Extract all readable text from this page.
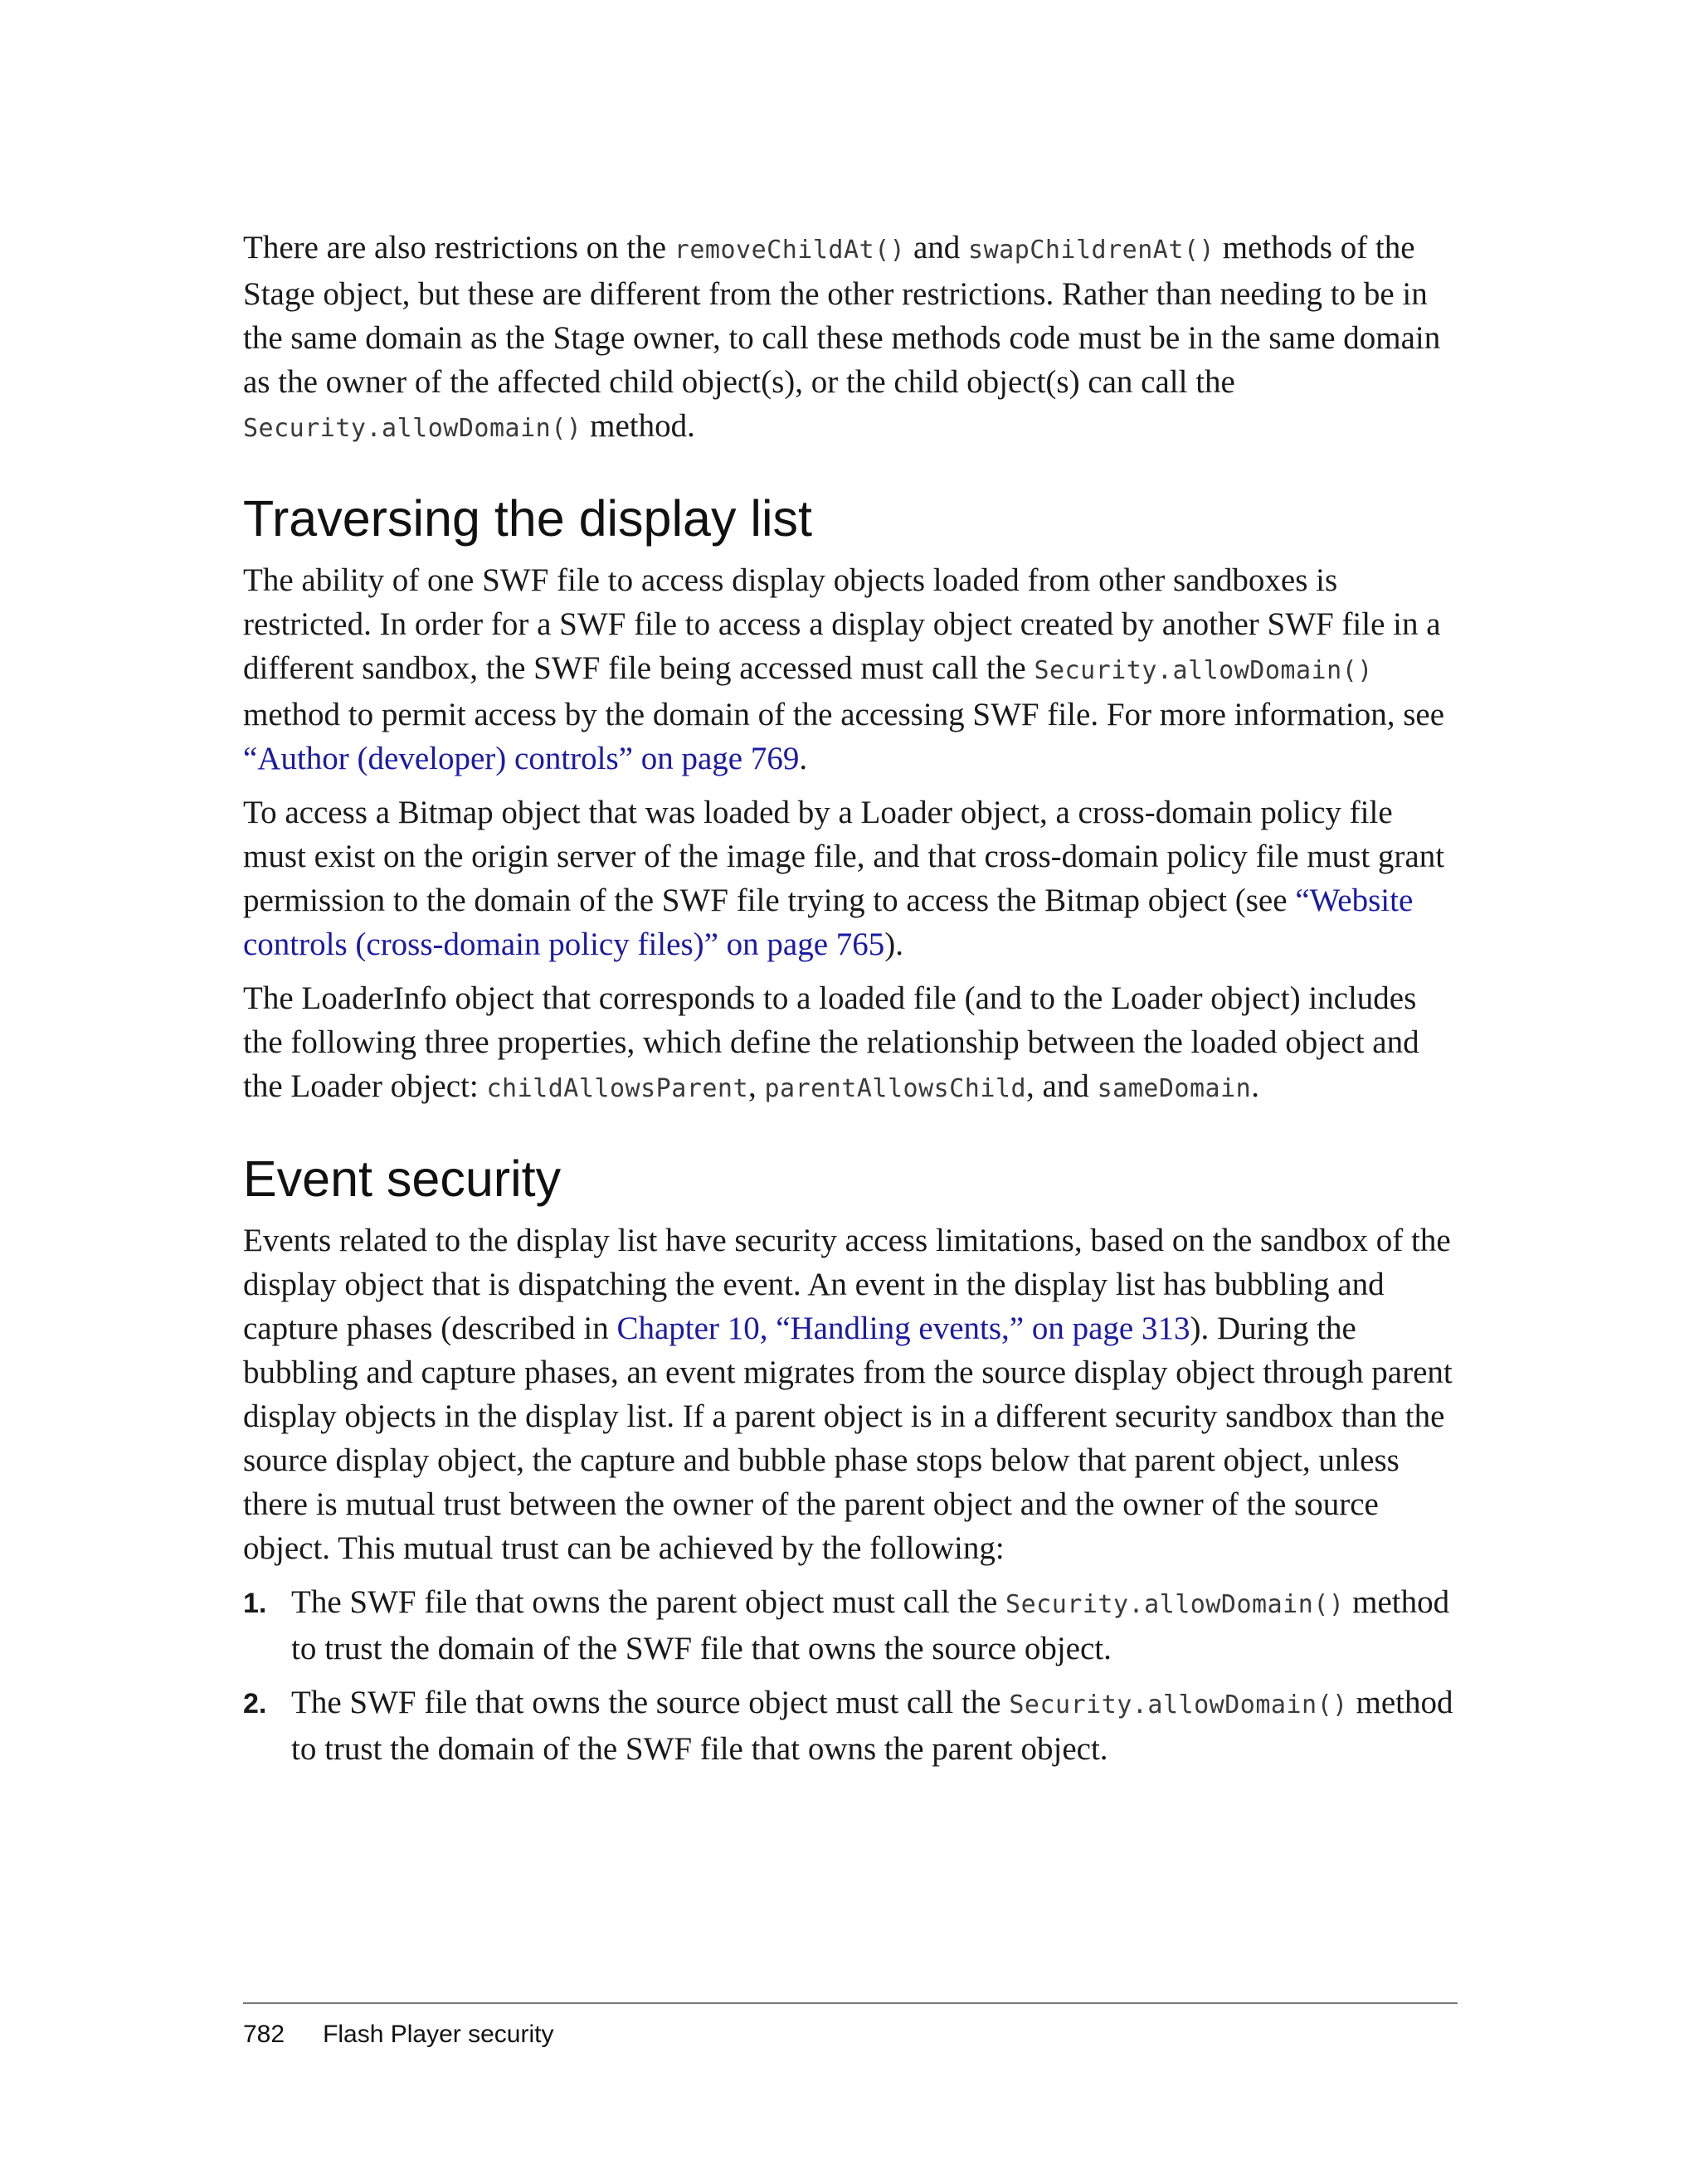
There are also restrictions on the removeChildAt() and swapChildrenAt() methods of the Stage object, but these are different from the other restrictions. Rather than needing to be in the same domain as the Stage owner, to call these methods code must be in the same domain as the owner of the affected child object(s), or the child object(s) can call the Security.allowDomain() method.

Traversing the display list

The ability of one SWF file to access display objects loaded from other sandboxes is restricted. In order for a SWF file to access a display object created by another SWF file in a different sandbox, the SWF file being accessed must call the Security.allowDomain() method to permit access by the domain of the accessing SWF file. For more information, see “Author (developer) controls” on page 769.

To access a Bitmap object that was loaded by a Loader object, a cross-domain policy file must exist on the origin server of the image file, and that cross-domain policy file must grant permission to the domain of the SWF file trying to access the Bitmap object (see “Website controls (cross-domain policy files)” on page 765).

The LoaderInfo object that corresponds to a loaded file (and to the Loader object) includes the following three properties, which define the relationship between the loaded object and the Loader object: childAllowsParent, parentAllowsChild, and sameDomain.

Event security

Events related to the display list have security access limitations, based on the sandbox of the display object that is dispatching the event. An event in the display list has bubbling and capture phases (described in Chapter 10, “Handling events,” on page 313). During the bubbling and capture phases, an event migrates from the source display object through parent display objects in the display list. If a parent object is in a different security sandbox than the source display object, the capture and bubble phase stops below that parent object, unless there is mutual trust between the owner of the parent object and the owner of the source object. This mutual trust can be achieved by the following:

1. The SWF file that owns the parent object must call the Security.allowDomain() method to trust the domain of the SWF file that owns the source object.

2. The SWF file that owns the source object must call the Security.allowDomain() method to trust the domain of the SWF file that owns the parent object.

782 Flash Player security
